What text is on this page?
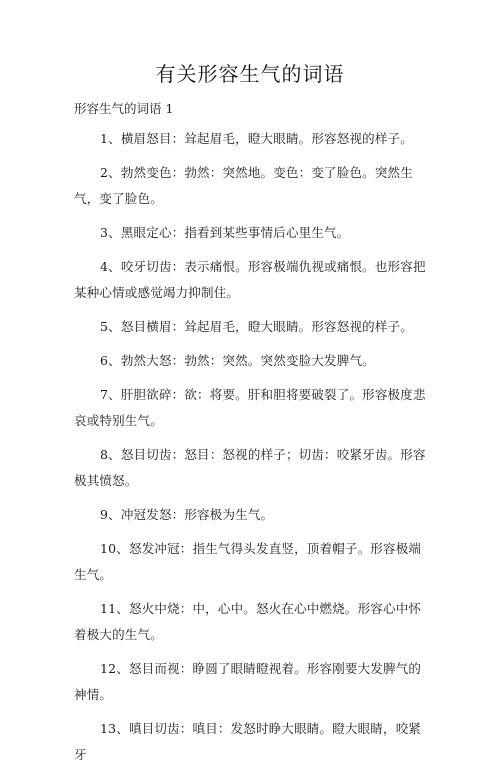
有关形容生气的词语
形容生气的词语 1

1、横眉怒目：耸起眉毛，瞪大眼睛。形容怒视的样子。

2、勃然变色：勃然：突然地。变色：变了脸色。突然生气，变了脸色。

3、黑眼定心：指看到某些事情后心里生气。

4、咬牙切齿：表示痛恨。形容极端仇视或痛恨。也形容把某种心情或感觉竭力抑制住。

5、怒目横眉：耸起眉毛，瞪大眼睛。形容怒视的样子。

6、勃然大怒：勃然：突然。突然变脸大发脾气。

7、肝胆欲碎：欲：将要。肝和胆将要破裂了。形容极度悲哀或特别生气。

8、怒目切齿：怒目：怒视的样子；切齿：咬紧牙齿。形容极其愤怒。

9、冲冠发怒：形容极为生气。

10、怒发冲冠：指生气得头发直竖，顶着帽子。形容极端生气。

11、怒火中烧：中，心中。怒火在心中燃烧。形容心中怀着极大的生气。

12、怒目而视：睁圆了眼睛瞪视着。形容刚要大发脾气的神情。

13、嗔目切齿：嗔目：发怒时睁大眼睛。瞪大眼睛，咬紧牙
